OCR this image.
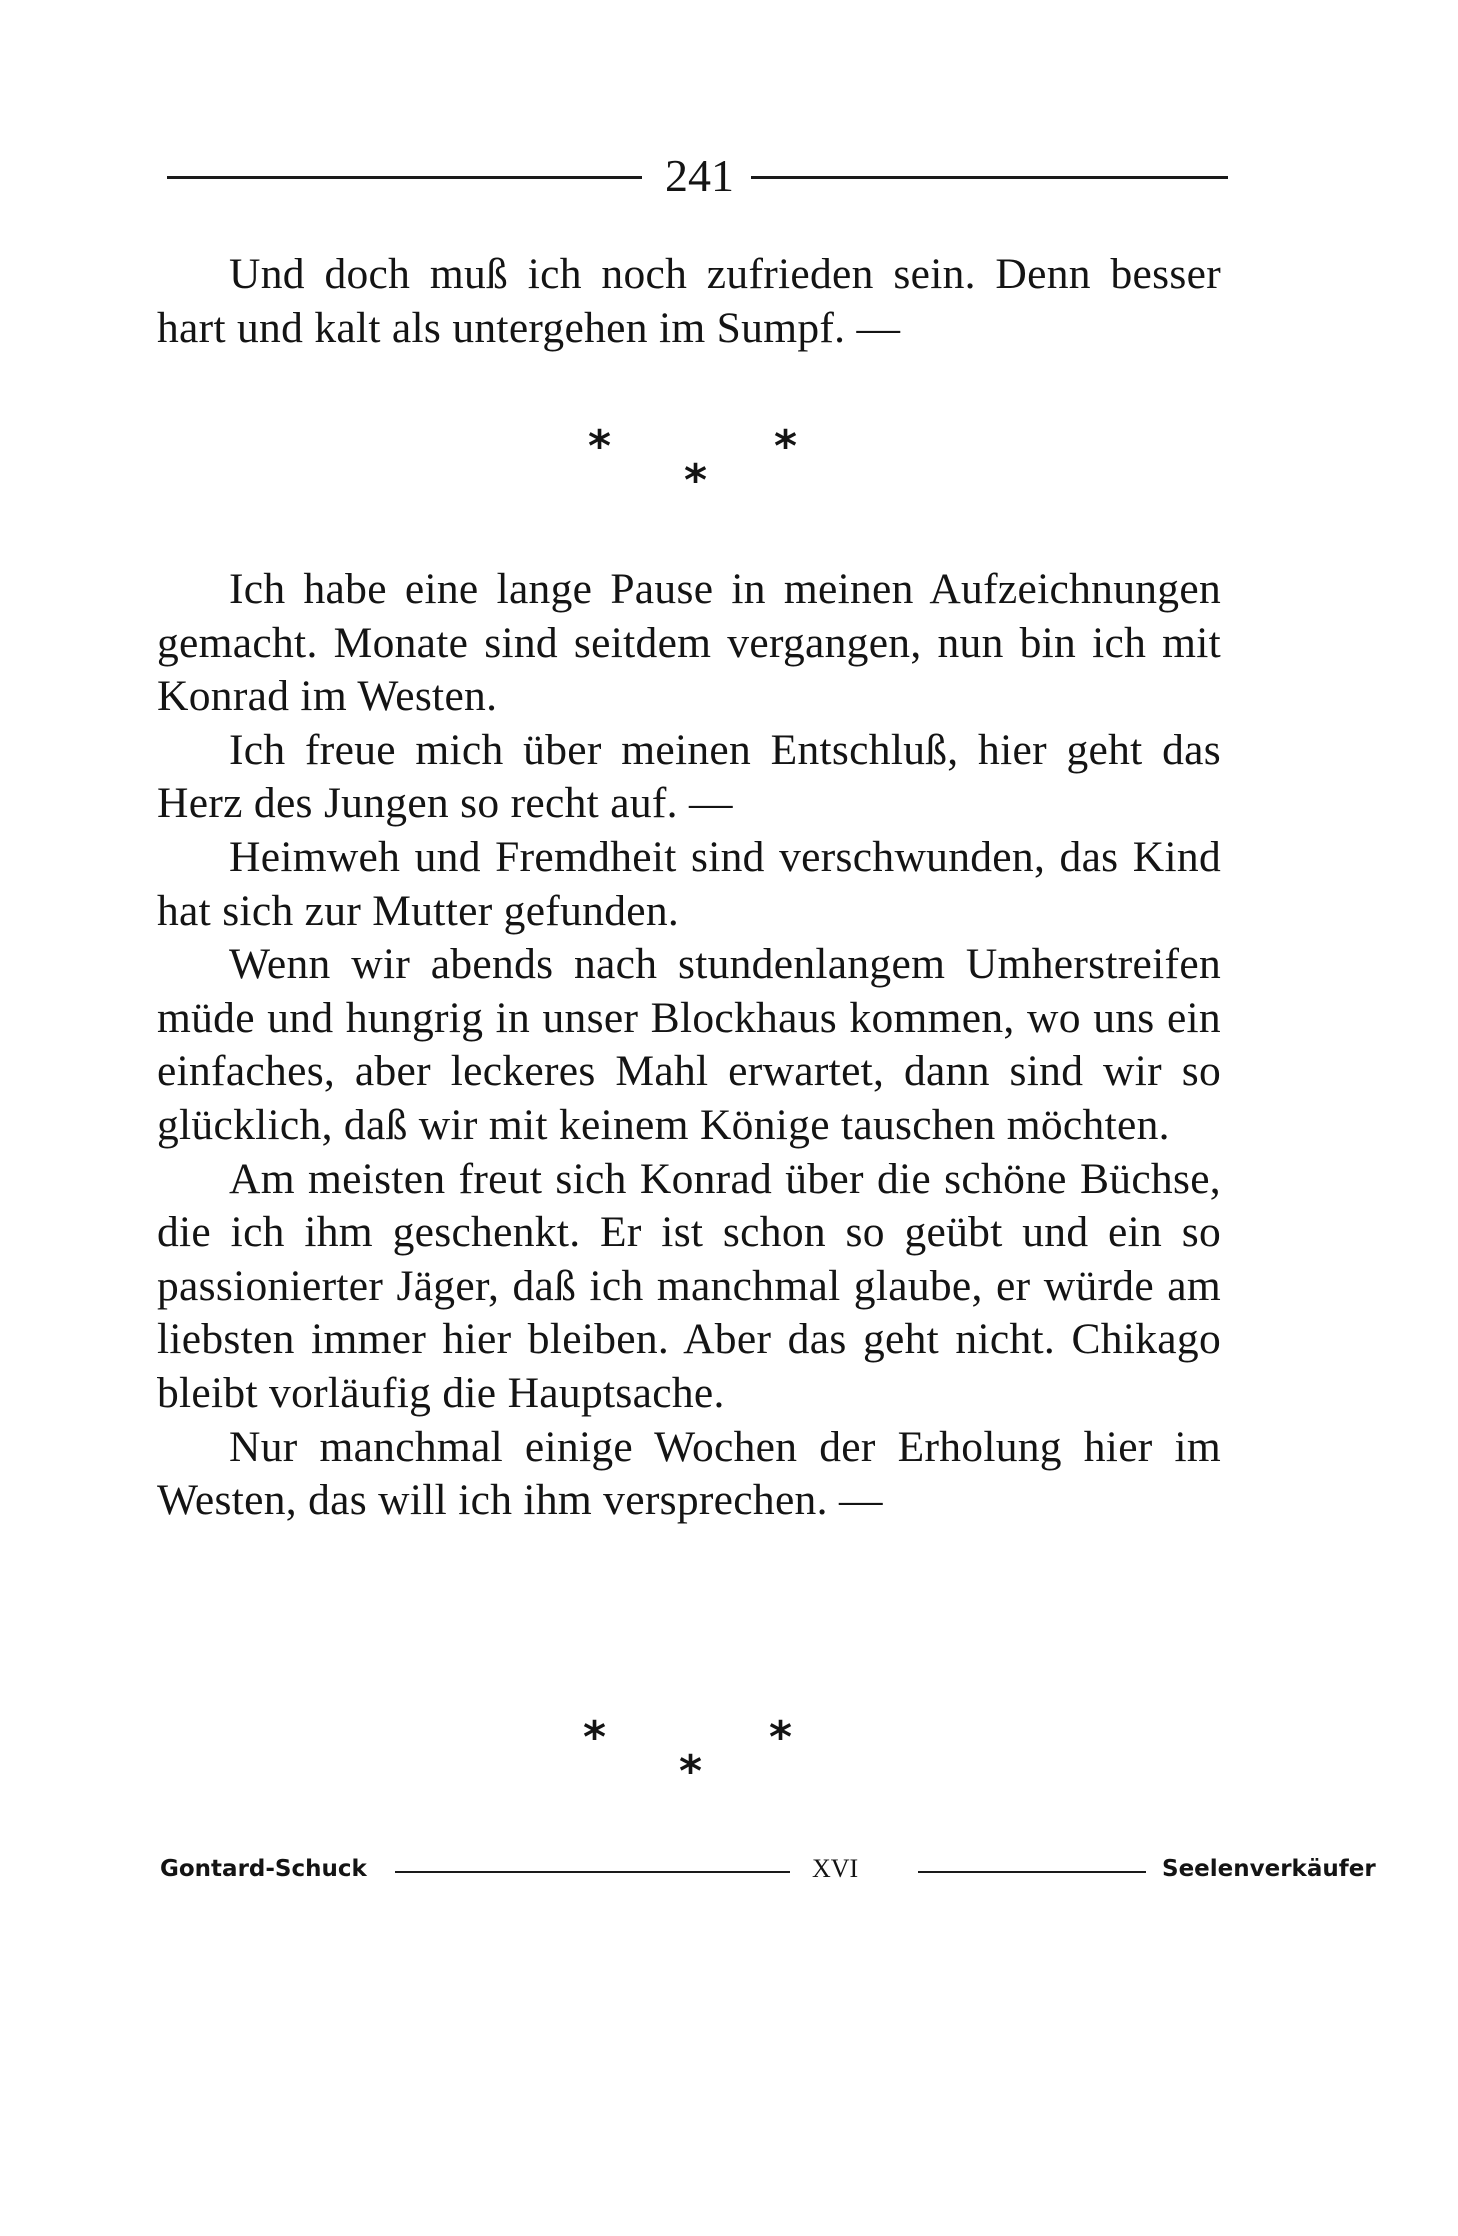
241

Und doch muß ich noch zufrieden sein. Denn besser hart und kalt als untergehen im Sumpf. —

*	*
*

Ich habe eine lange Pause in meinen Aufzeichnungen gemacht. Monate sind seitdem vergangen, nun bin ich mit Konrad im Westen.

Ich freue mich über meinen Entschluß, hier geht das Herz des Jungen so recht auf. —

Heimweh und Fremdheit sind verschwunden, das Kind hat sich zur Mutter gefunden.

Wenn wir abends nach stundenlangem Umherstreifen müde und hungrig in unser Blockhaus kommen, wo uns ein einfaches, aber leckeres Mahl erwartet, dann sind wir so glücklich, daß wir mit keinem Könige tauschen möchten.

Am meisten freut sich Konrad über die schöne Büchse, die ich ihm geschenkt. Er ist schon so geübt und ein so passionierter Jäger, daß ich manchmal glaube, er würde am liebsten immer hier bleiben. Aber das geht nicht. Chikago bleibt vorläufig die Hauptsache.

Nur manchmal einige Wochen der Erholung hier im Westen, das will ich ihm versprechen. —

*	*
*
Gontard-Schuck	XVI	Seelenverkäufer
